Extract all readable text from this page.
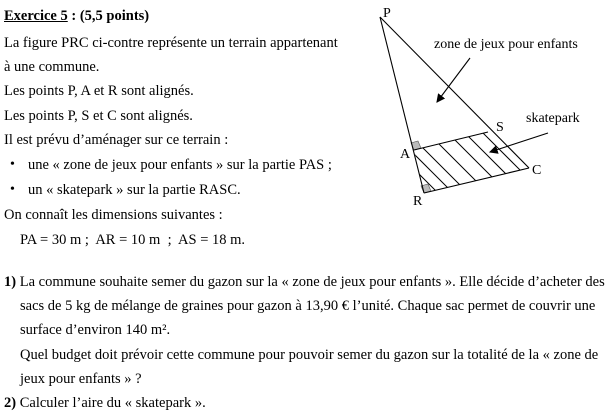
Exercice 5 : (5,5 points)
La figure PRC ci-contre représente un terrain appartenant
à une commune.
Les points P, A et R sont alignés.
Les points P, S et C sont alignés.
Il est prévu d’aménager sur ce terrain :
• une « zone de jeux pour enfants » sur la partie PAS ;
• un « skatepark » sur la partie RASC.
On connaît les dimensions suivantes :
PA = 30 m ;  AR = 10 m  ;  AS = 18 m.
P
A
R
S
C
zone de jeux pour enfants
skatepark
1) La commune souhaite semer du gazon sur la « zone de jeux pour enfants ». Elle décide d’acheter des
sacs de 5 kg de mélange de graines pour gazon à 13,90 € l’unité. Chaque sac permet de couvrir une
surface d’environ 140 m².
Quel budget doit prévoir cette commune pour pouvoir semer du gazon sur la totalité de la « zone de
jeux pour enfants » ?
2) Calculer l’aire du « skatepark ».
